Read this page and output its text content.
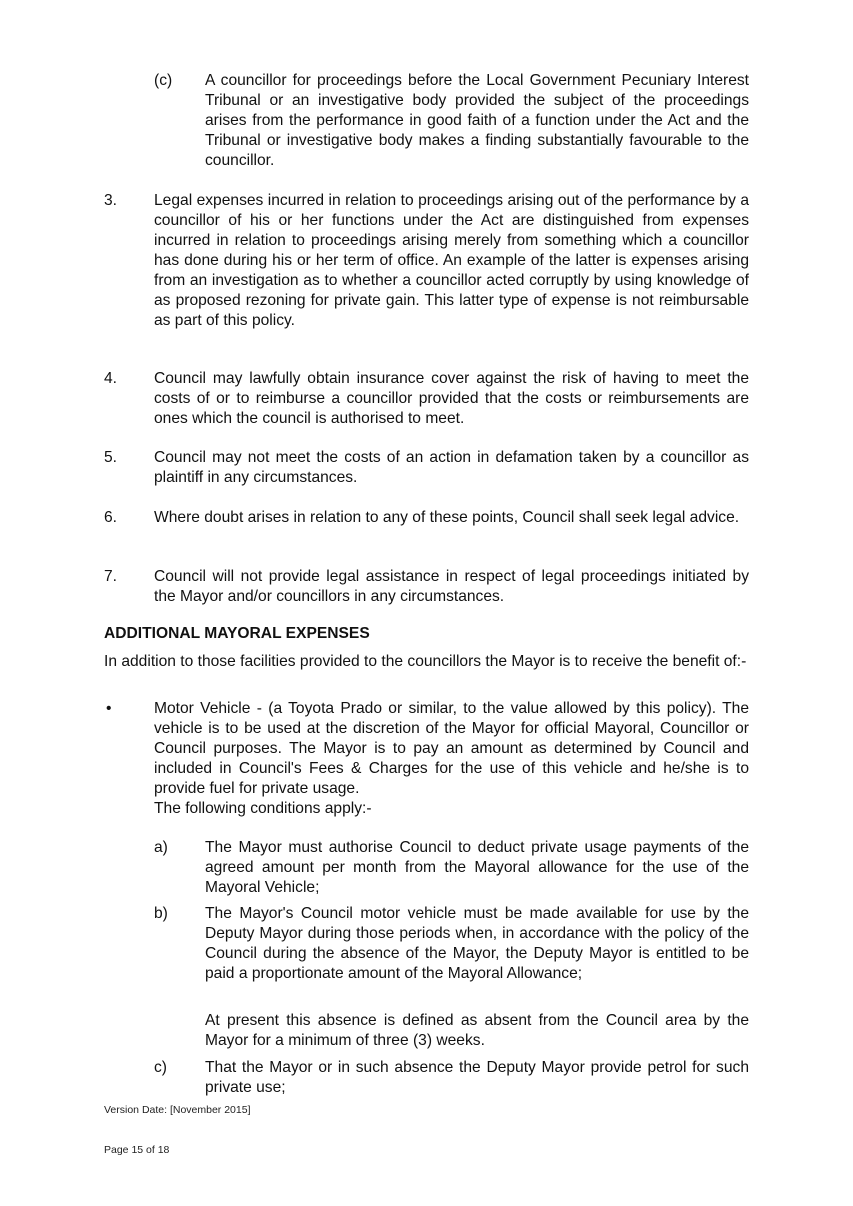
(c) A councillor for proceedings before the Local Government Pecuniary Interest Tribunal or an investigative body provided the subject of the proceedings arises from the performance in good faith of a function under the Act and the Tribunal or investigative body makes a finding substantially favourable to the councillor.
3. Legal expenses incurred in relation to proceedings arising out of the performance by a councillor of his or her functions under the Act are distinguished from expenses incurred in relation to proceedings arising merely from something which a councillor has done during his or her term of office. An example of the latter is expenses arising from an investigation as to whether a councillor acted corruptly by using knowledge of as proposed rezoning for private gain. This latter type of expense is not reimbursable as part of this policy.
4. Council may lawfully obtain insurance cover against the risk of having to meet the costs of or to reimburse a councillor provided that the costs or reimbursements are ones which the council is authorised to meet.
5. Council may not meet the costs of an action in defamation taken by a councillor as plaintiff in any circumstances.
6. Where doubt arises in relation to any of these points, Council shall seek legal advice.
7. Council will not provide legal assistance in respect of legal proceedings initiated by the Mayor and/or councillors in any circumstances.
ADDITIONAL MAYORAL EXPENSES
In addition to those facilities provided to the councillors the Mayor is to receive the benefit of:-
•	Motor Vehicle - (a Toyota Prado or similar, to the value allowed by this policy). The vehicle is to be used at the discretion of the Mayor for official Mayoral, Councillor or Council purposes. The Mayor is to pay an amount as determined by Council and included in Council's Fees & Charges for the use of this vehicle and he/she is to provide fuel for private usage.
The following conditions apply:-
a) The Mayor must authorise Council to deduct private usage payments of the agreed amount per month from the Mayoral allowance for the use of the Mayoral Vehicle;
b) The Mayor's Council motor vehicle must be made available for use by the Deputy Mayor during those periods when, in accordance with the policy of the Council during the absence of the Mayor, the Deputy Mayor is entitled to be paid a proportionate amount of the Mayoral Allowance;
At present this absence is defined as absent from the Council area by the Mayor for a minimum of three (3) weeks.
c) That the Mayor or in such absence the Deputy Mayor provide petrol for such private use;
Version Date: [November 2015]
Page 15 of 18
